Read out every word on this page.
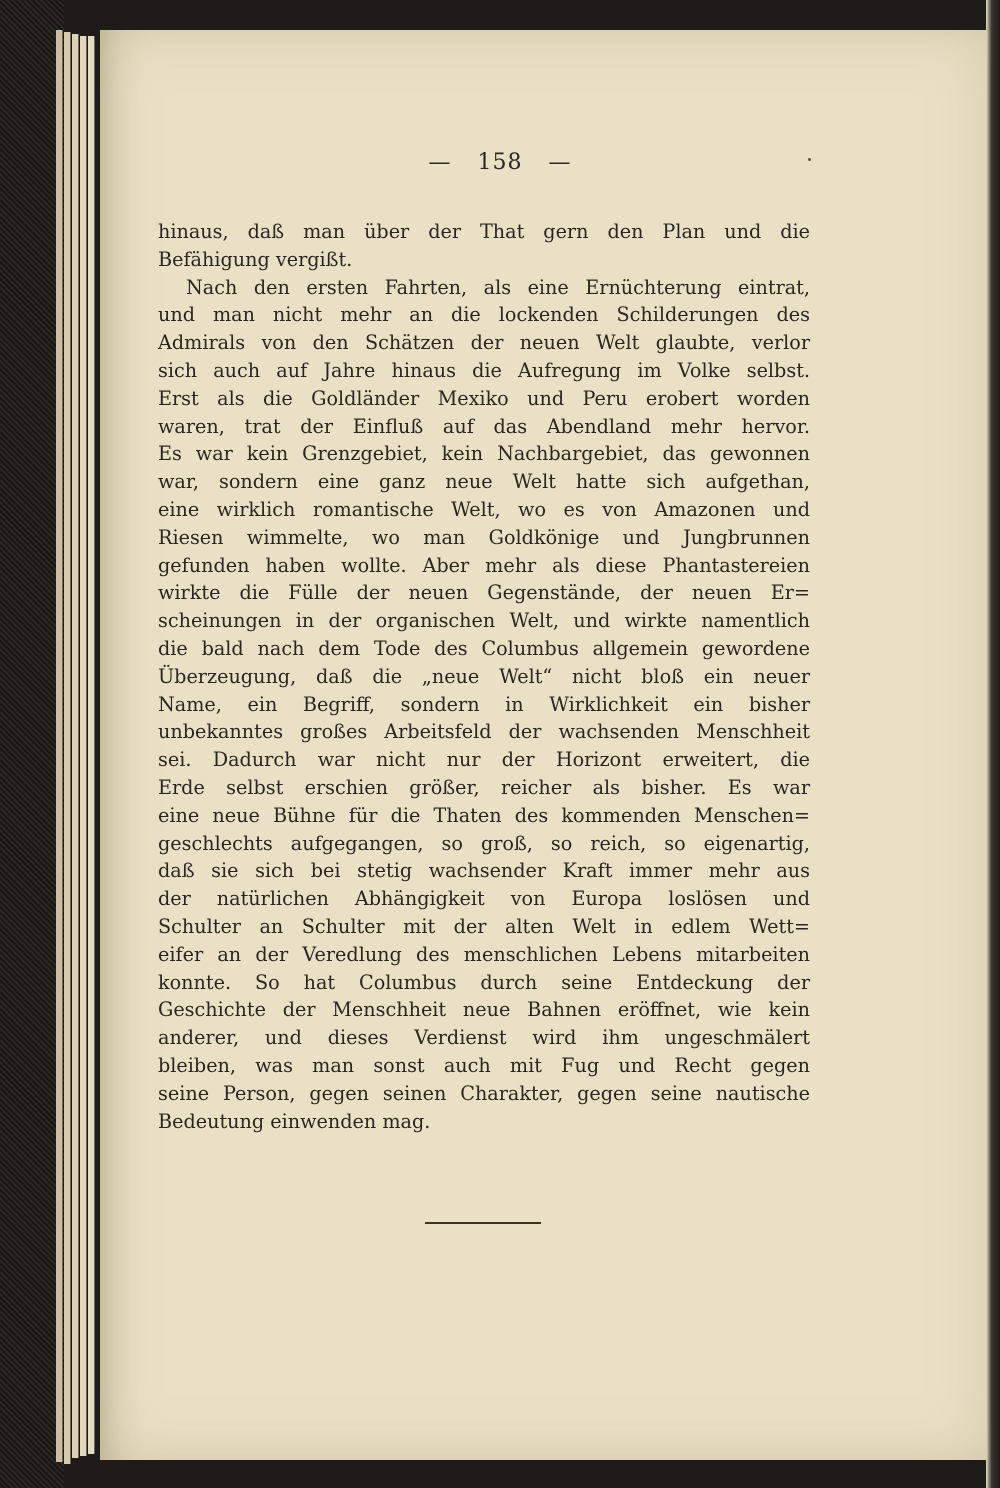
— 158 —
hinaus, daß man über der That gern den Plan und die
Befähigung vergißt.
Nach den ersten Fahrten, als eine Ernüchterung eintrat,
und man nicht mehr an die lockenden Schilderungen des
Admirals von den Schätzen der neuen Welt glaubte, verlor
sich auch auf Jahre hinaus die Aufregung im Volke selbst.
Erst als die Goldländer Mexiko und Peru erobert worden
waren, trat der Einfluß auf das Abendland mehr hervor.
Es war kein Grenzgebiet, kein Nachbargebiet, das gewonnen
war, sondern eine ganz neue Welt hatte sich aufgethan,
eine wirklich romantische Welt, wo es von Amazonen und
Riesen wimmelte, wo man Goldkönige und Jungbrunnen
gefunden haben wollte. Aber mehr als diese Phantastereien
wirkte die Fülle der neuen Gegenstände, der neuen Er=
scheinungen in der organischen Welt, und wirkte namentlich
die bald nach dem Tode des Columbus allgemein gewordene
Überzeugung, daß die „neue Welt“ nicht bloß ein neuer
Name, ein Begriff, sondern in Wirklichkeit ein bisher
unbekanntes großes Arbeitsfeld der wachsenden Menschheit
sei. Dadurch war nicht nur der Horizont erweitert, die
Erde selbst erschien größer, reicher als bisher. Es war
eine neue Bühne für die Thaten des kommenden Menschen=
geschlechts aufgegangen, so groß, so reich, so eigenartig,
daß sie sich bei stetig wachsender Kraft immer mehr aus
der natürlichen Abhängigkeit von Europa loslösen und
Schulter an Schulter mit der alten Welt in edlem Wett=
eifer an der Veredlung des menschlichen Lebens mitarbeiten
konnte. So hat Columbus durch seine Entdeckung der
Geschichte der Menschheit neue Bahnen eröffnet, wie kein
anderer, und dieses Verdienst wird ihm ungeschmälert
bleiben, was man sonst auch mit Fug und Recht gegen
seine Person, gegen seinen Charakter, gegen seine nautische
Bedeutung einwenden mag.
